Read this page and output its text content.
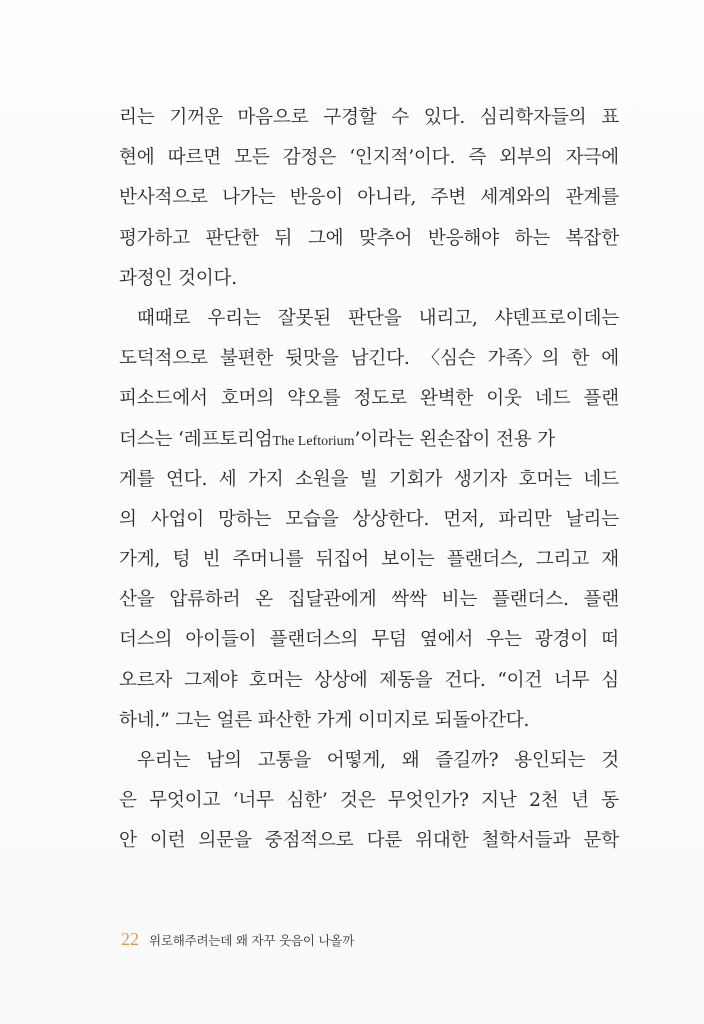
리는 기꺼운 마음으로 구경할 수 있다. 심리학자들의 표
현에 따르면 모든 감정은 ‘인지적’이다. 즉 외부의 자극에
반사적으로 나가는 반응이 아니라, 주변 세계와의 관계를
평가하고 판단한 뒤 그에 맞추어 반응해야 하는 복잡한
과정인 것이다.
때때로 우리는 잘못된 판단을 내리고, 샤덴프로이데는
도덕적으로 불편한 뒷맛을 남긴다. 〈심슨 가족〉의 한 에
피소드에서 호머의 약오를 정도로 완벽한 이웃 네드 플랜
더스는 ‘레프토리엄The Leftorium’이라는 왼손잡이 전용 가
게를 연다. 세 가지 소원을 빌 기회가 생기자 호머는 네드
의 사업이 망하는 모습을 상상한다. 먼저, 파리만 날리는
가게, 텅 빈 주머니를 뒤집어 보이는 플랜더스, 그리고 재
산을 압류하러 온 집달관에게 싹싹 비는 플랜더스. 플랜
더스의 아이들이 플랜더스의 무덤 옆에서 우는 광경이 떠
오르자 그제야 호머는 상상에 제동을 건다. “이건 너무 심
하네.” 그는 얼른 파산한 가게 이미지로 되돌아간다.
우리는 남의 고통을 어떻게, 왜 즐길까? 용인되는 것
은 무엇이고 ‘너무 심한’ 것은 무엇인가? 지난 2천 년 동
안 이런 의문을 중점적으로 다룬 위대한 철학서들과 문학
22 위로해주려는데 왜 자꾸 웃음이 나올까
